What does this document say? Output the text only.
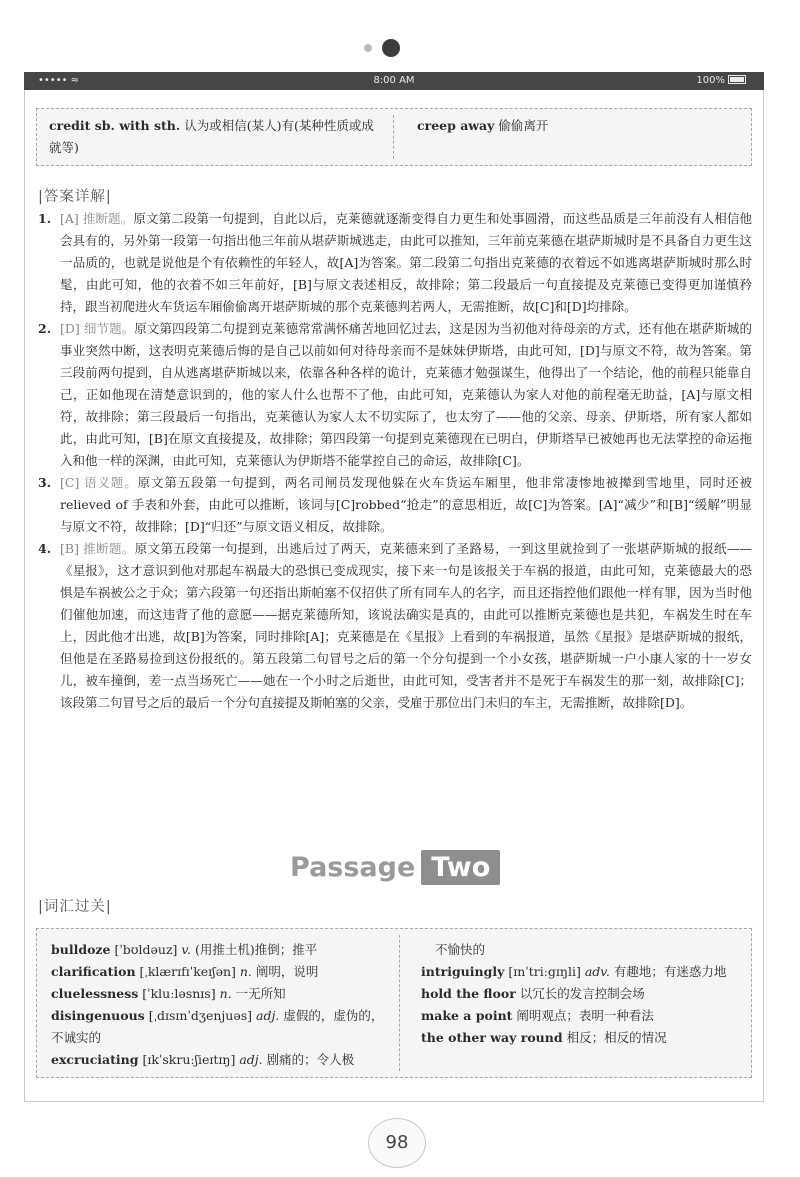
••••• ≈	8:00 AM	100%
credit sb. with sth. 认为或相信(某人)有(某种性质或成就等)
creep away 偷偷离开
|答案详解|
1. [A] 推断题。原文第二段第一句提到，自此以后，克莱德就逐渐变得自力更生和处事圆滑，而这些品质是三年前没有人相信他会具有的，另外第一段第一句指出他三年前从堪萨斯城逃走，由此可以推知，三年前克莱德在堪萨斯城时是不具备自力更生这一品质的，也就是说他是个有依赖性的年轻人，故[A]为答案。第二段第二句指出克莱德的衣着远不如逃离堪萨斯城时那么时髦，由此可知，他的衣着不如三年前好，[B]与原文表述相反，故排除；第二段最后一句直接提及克莱德已变得更加谨慎矜持，跟当初爬进火车货运车厢偷偷离开堪萨斯城的那个克莱德判若两人，无需推断，故[C]和[D]均排除。
2. [D] 细节题。原文第四段第二句提到克莱德常常满怀痛苦地回忆过去，这是因为当初他对待母亲的方式，还有他在堪萨斯城的事业突然中断，这表明克莱德后悔的是自己以前如何对待母亲而不是妹妹伊斯塔，由此可知，[D]与原文不符，故为答案。第三段前两句提到，自从逃离堪萨斯城以来，依靠各种各样的诡计，克莱德才勉强谋生，他得出了一个结论，他的前程只能靠自己，正如他现在清楚意识到的，他的家人什么也帮不了他，由此可知，克莱德认为家人对他的前程毫无助益，[A]与原文相符，故排除；第三段最后一句指出，克莱德认为家人太不切实际了，也太穷了——他的父亲、母亲、伊斯塔，所有家人都如此，由此可知，[B]在原文直接提及，故排除；第四段第一句提到克莱德现在已明白，伊斯塔早已被她再也无法掌控的命运拖入和他一样的深渊，由此可知，克莱德认为伊斯塔不能掌控自己的命运，故排除[C]。
3. [C] 语义题。原文第五段第一句提到，两名司闸员发现他躲在火车货运车厢里，他非常凄惨地被撵到雪地里，同时还被 relieved of 手表和外套，由此可以推断，该词与[C]robbed“抢走”的意思相近，故[C]为答案。[A]“减少”和[B]“缓解”明显与原文不符，故排除；[D]“归还”与原文语义相反，故排除。
4. [B] 推断题。原文第五段第一句提到，出逃后过了两天，克莱德来到了圣路易，一到这里就捡到了一张堪萨斯城的报纸——《星报》，这才意识到他对那起车祸最大的恐惧已变成现实，接下来一句是该报关于车祸的报道，由此可知，克莱德最大的恐惧是车祸被公之于众；第六段第一句还指出斯帕塞不仅招供了所有同车人的名字，而且还指控他们跟他一样有罪，因为当时他们催他加速，而这违背了他的意愿——据克莱德所知，该说法确实是真的，由此可以推断克莱德也是共犯，车祸发生时在车上，因此他才出逃，故[B]为答案，同时排除[A]；克莱德是在《星报》上看到的车祸报道，虽然《星报》是堪萨斯城的报纸，但他是在圣路易捡到这份报纸的。第五段第二句冒号之后的第一个分句提到一个小女孩，堪萨斯城一户小康人家的十一岁女儿，被车撞倒，差一点当场死亡——她在一个小时之后逝世，由此可知，受害者并不是死于车祸发生的那一刻，故排除[C]；该段第二句冒号之后的最后一个分句直接提及斯帕塞的父亲，受雇于那位出门未归的车主，无需推断，故排除[D]。
Passage Two
|词汇过关|
bulldoze [ˈbʊldəuz] v. (用推土机)推倒；推平
clarification [ˌklærɪfɪˈkeɪʃən] n. 阐明，说明
cluelessness [ˈkluːləsnɪs] n. 一无所知
disingenuous [ˌdɪsɪnˈdʒenjuəs] adj. 虚假的，虚伪的，不诚实的
excruciating [ɪkˈskruːʃieɪtɪŋ] adj. 剧痛的；令人极
不愉快的
intriguingly [ɪnˈtriːgɪŋli] adv. 有趣地；有迷惑力地
hold the floor 以冗长的发言控制会场
make a point 阐明观点；表明一种看法
the other way round 相反；相反的情况
98
